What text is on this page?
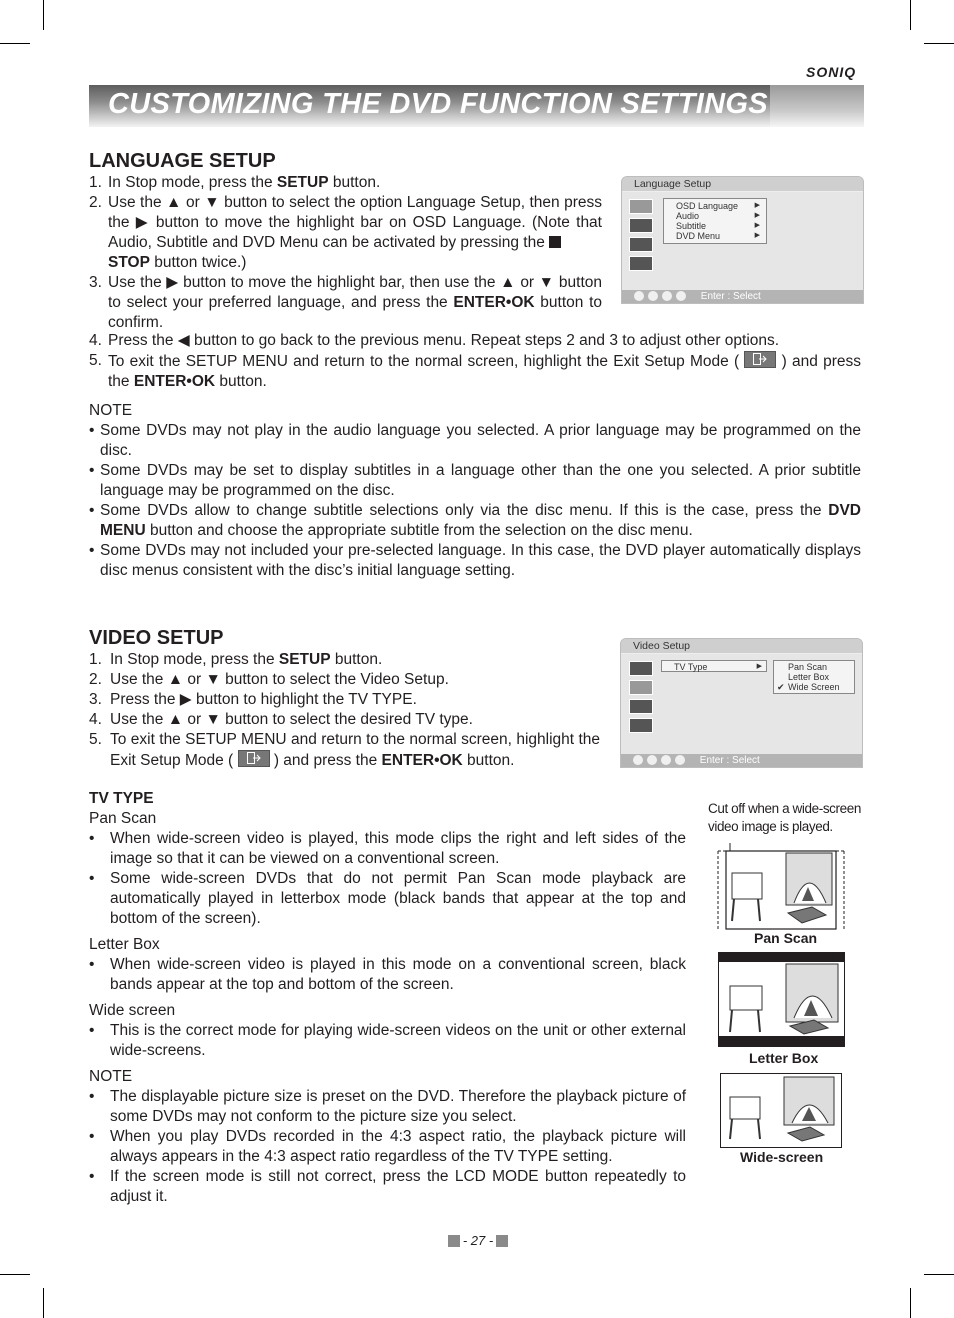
SONIQ
CUSTOMIZING THE DVD FUNCTION SETTINGS
LANGUAGE SETUP

1. In Stop mode, press the SETUP button.

2. Use the ▲ or ▼ button to select the option Language Setup, then press the ▶ button to move the highlight bar on OSD Language. (Note that Audio, Subtitle and DVD Menu can be activated by pressing the
STOP button twice.)

3. Use the ▶ button to move the highlight bar, then use the ▲ or ▼ button to select your preferred language, and press the ENTER•OK button to confirm.

4. Press the ◀ button to go back to the previous menu. Repeat steps 2 and 3 to adjust other options.

5. To exit the SETUP MENU and return to the normal screen, highlight the Exit Setup Mode (	) and press the ENTER•OK button.

Language Setup
OSD Language
Audio
Subtitle
DVD Menu
▶
▶
▶
▶
Enter : Select

NOTE

• Some DVDs may not play in the audio language you selected. A prior language may be programmed on the disc.

• Some DVDs may be set to display subtitles in a language other than the one you selected. A prior subtitle language may be programmed on the disc.

• Some DVDs allow to change subtitle selections only via the disc menu. If this is the case, press the DVD MENU button and choose the appropriate subtitle from the selection on the disc menu.

• Some DVDs may not included your pre-selected language. In this case, the DVD player automatically displays disc menus consistent with the disc’s initial language setting.

VIDEO SETUP

1. In Stop mode, press the SETUP button.

2. Use the ▲ or ▼ button to select the Video Setup.

3. Press the ▶ button to highlight the TV TYPE.

4. Use the ▲ or ▼ button to select the desired TV type.

5. To exit the SETUP MENU and return to the normal screen, highlight the Exit Setup Mode (	) and press the ENTER•OK button.

Video Setup
TV Type	▶	Pan Scan
Letter Box
✔ Wide Screen
Enter : Select

TV TYPE

Pan Scan

• When wide-screen video is played, this mode clips the right and left sides of the image so that it can be viewed on a conventional screen.

• Some wide-screen DVDs that do not permit Pan Scan mode playback are automatically played in letterbox mode (black bands that appear at the top and bottom of the screen).

Letter Box

• When wide-screen video is played in this mode on a conventional screen, black bands appear at the top and bottom of the screen.

Wide screen

• This is the correct mode for playing wide-screen videos on the unit or other external wide-screens.

NOTE

• The displayable picture size is preset on the DVD. Therefore the playback picture of some DVDs may not conform to the picture size you select.

• When you play DVDs recorded in the 4:3 aspect ratio, the playback picture will always appears in the 4:3 aspect ratio regardless of the TV TYPE setting.

• If the screen mode is still not correct, press the LCD MODE button repeatedly to adjust it.

Cut off when a wide-screen video image is played.
Pan Scan
Letter Box
Wide-screen
- 27 -
